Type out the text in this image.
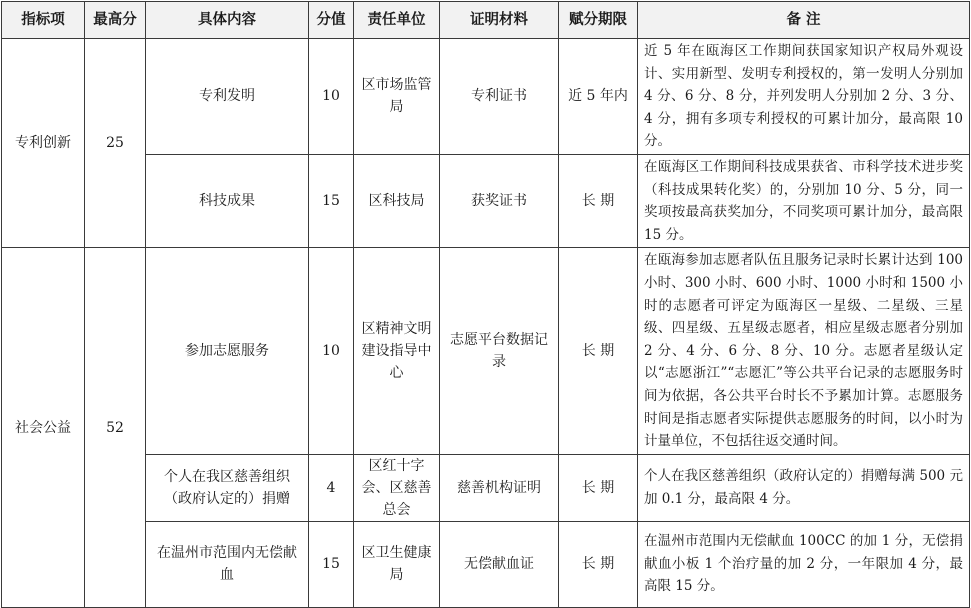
指标项	最高分	具体内容	分值	责任单位	证明材料	赋分期限	备 注
专利创新	25	专利发明	10	区市场监管局	专利证书	近 5 年内	近 5 年在瓯海区工作期间获国家知识产权局外观设计、实用新型、发明专利授权的，第一发明人分别加 4 分、6 分、8 分，并列发明人分别加 2 分、3 分、4 分，拥有多项专利授权的可累计加分，最高限 10 分。
		科技成果	15	区科技局	获奖证书	长 期	在瓯海区工作期间科技成果获省、市科学技术进步奖（科技成果转化奖）的，分别加 10 分、5 分，同一奖项按最高获奖加分，不同奖项可累计加分，最高限 15 分。
社会公益	52	参加志愿服务	10	区精神文明建设指导中心	志愿平台数据记录	长 期	在瓯海参加志愿者队伍且服务记录时长累计达到 100 小时、300 小时、600 小时、1000 小时和 1500 小时的志愿者可评定为瓯海区一星级、二星级、三星级、四星级、五星级志愿者，相应星级志愿者分别加 2 分、4 分、6 分、8 分、10 分。志愿者星级认定以“志愿浙江”“志愿汇”等公共平台记录的志愿服务时间为依据，各公共平台时长不予累加计算。志愿服务时间是指志愿者实际提供志愿服务的时间，以小时为计量单位，不包括往返交通时间。
		个人在我区慈善组织（政府认定的）捐赠	4	区红十字会、区慈善总会	慈善机构证明	长 期	个人在我区慈善组织（政府认定的）捐赠每满 500 元加 0.1 分，最高限 4 分。
		在温州市范围内无偿献血	15	区卫生健康局	无偿献血证	长 期	在温州市范围内无偿献血 100CC 的加 1 分，无偿捐献血小板 1 个治疗量的加 2 分，一年限加 4 分，最高限 15 分。
